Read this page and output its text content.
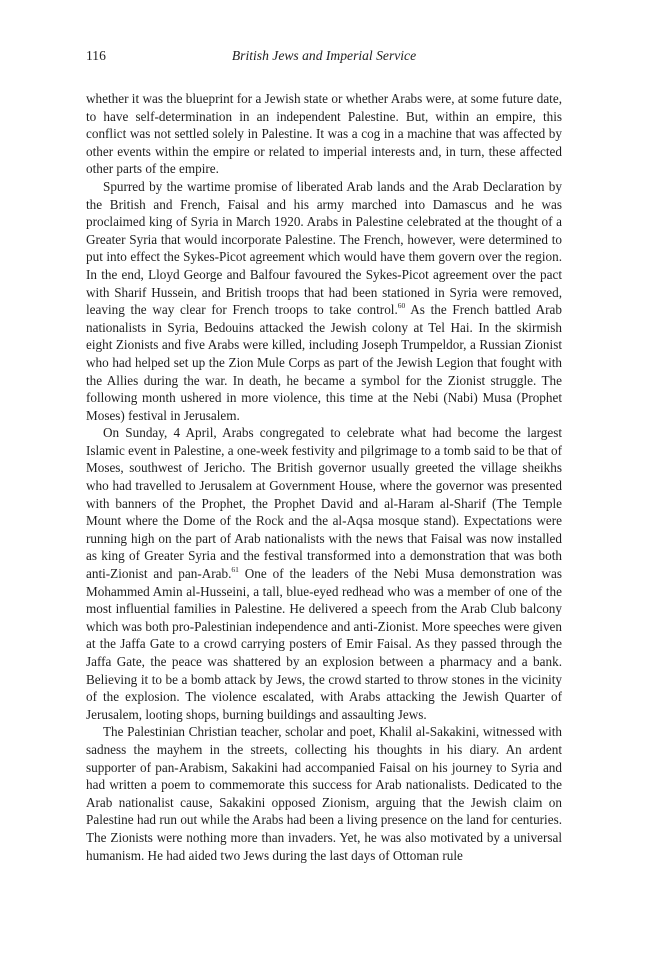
116	British Jews and Imperial Service

whether it was the blueprint for a Jewish state or whether Arabs were, at some future date, to have self-determination in an independent Palestine. But, within an empire, this conflict was not settled solely in Palestine. It was a cog in a machine that was affected by other events within the empire or related to imperial interests and, in turn, these affected other parts of the empire.

Spurred by the wartime promise of liberated Arab lands and the Arab Declaration by the British and French, Faisal and his army marched into Damascus and he was proclaimed king of Syria in March 1920. Arabs in Palestine celebrated at the thought of a Greater Syria that would incorporate Palestine. The French, however, were determined to put into effect the Sykes-Picot agreement which would have them govern over the region. In the end, Lloyd George and Balfour favoured the Sykes-Picot agreement over the pact with Sharif Hussein, and British troops that had been stationed in Syria were removed, leaving the way clear for French troops to take control.$^{60}$ As the French battled Arab nationalists in Syria, Bedouins attacked the Jewish colony at Tel Hai. In the skirmish eight Zionists and five Arabs were killed, including Joseph Trumpeldor, a Russian Zionist who had helped set up the Zion Mule Corps as part of the Jewish Legion that fought with the Allies during the war. In death, he became a symbol for the Zionist struggle. The following month ushered in more violence, this time at the Nebi (Nabi) Musa (Prophet Moses) festival in Jerusalem.

On Sunday, 4 April, Arabs congregated to celebrate what had become the largest Islamic event in Palestine, a one-week festivity and pilgrimage to a tomb said to be that of Moses, southwest of Jericho. The British governor usually greeted the village sheikhs who had travelled to Jerusalem at Government House, where the governor was presented with banners of the Prophet, the Prophet David and al-Haram al-Sharif (The Temple Mount where the Dome of the Rock and the al-Aqsa mosque stand). Expectations were running high on the part of Arab nationalists with the news that Faisal was now installed as king of Greater Syria and the festival transformed into a demonstration that was both anti-Zionist and pan-Arab.$^{61}$ One of the leaders of the Nebi Musa demonstration was Mohammed Amin al-Husseini, a tall, blue-eyed redhead who was a member of one of the most influential families in Palestine. He delivered a speech from the Arab Club balcony which was both pro-Palestinian independence and anti-Zionist. More speeches were given at the Jaffa Gate to a crowd carrying posters of Emir Faisal. As they passed through the Jaffa Gate, the peace was shattered by an explosion between a pharmacy and a bank. Believing it to be a bomb attack by Jews, the crowd started to throw stones in the vicinity of the explosion. The violence escalated, with Arabs attacking the Jewish Quarter of Jerusalem, looting shops, burning buildings and assaulting Jews.

The Palestinian Christian teacher, scholar and poet, Khalil al-Sakakini, witnessed with sadness the mayhem in the streets, collecting his thoughts in his diary. An ardent supporter of pan-Arabism, Sakakini had accompanied Faisal on his journey to Syria and had written a poem to commemorate this success for Arab nationalists. Dedicated to the Arab nationalist cause, Sakakini opposed Zionism, arguing that the Jewish claim on Palestine had run out while the Arabs had been a living presence on the land for centuries. The Zionists were nothing more than invaders. Yet, he was also motivated by a universal humanism. He had aided two Jews during the last days of Ottoman rule
